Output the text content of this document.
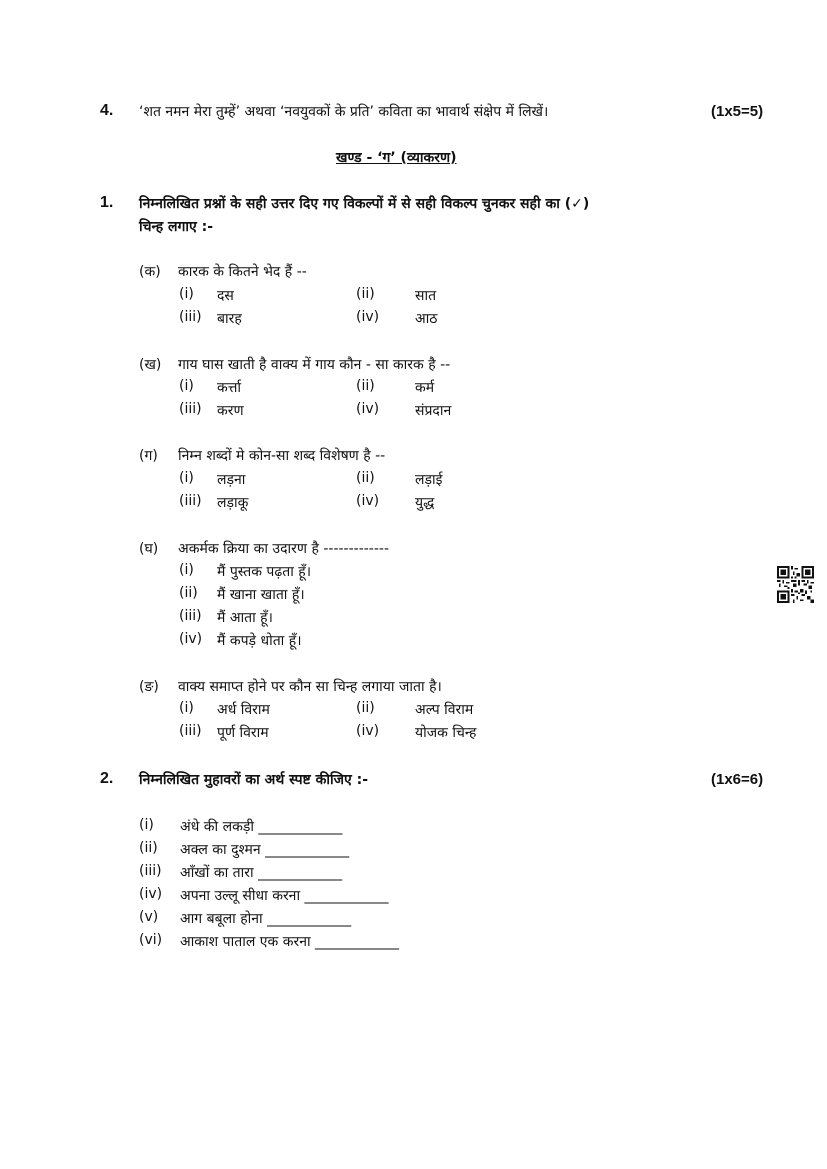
4. ‘शत नमन मेरा तुम्हें’ अथवा ‘नवयुवकों के प्रति’ कविता का भावार्थ संक्षेप में लिखें।	(1x5=5)
खण्ड - ‘ग’ (व्याकरण)
1. निम्नलिखित प्रश्नों के सही उत्तर दिए गए विकल्पों में से सही विकल्प चुनकर सही का (✓)
चिन्ह लगाए :-
(क) कारक के कितने भेद हैं --
(i) दस	(ii)	सात
(iii) बारह	(iv)	आठ
(ख) गाय घास खाती है वाक्य में गाय कौन - सा कारक है --
(i) कर्त्ता	(ii)	कर्म
(iii) करण	(iv)	संप्रदान
(ग) निम्न शब्दों मे कोन-सा शब्द विशेषण है --
(i) लड़ना	(ii)	लड़ाई
(iii) लड़ाकू	(iv)	युद्ध
(घ) अकर्मक क्रिया का उदारण है -------------
(i) मैं पुस्तक पढ़ता हूँ।
(ii) मैं खाना खाता हूँ।
(iii) मैं आता हूँ।
(iv) मैं कपड़े धोता हूँ।
(ङ) वाक्य समाप्त होने पर कौन सा चिन्ह लगाया जाता है।
(i) अर्ध विराम	(ii)	अल्प विराम
(iii) पूर्ण विराम	(iv)	योजक चिन्ह
2. निम्नलिखित मुहावरों का अर्थ स्पष्ट कीजिए :-	(1x6=6)
(i) अंधे की लकड़ी ____________
(ii) अक्ल का दुश्मन ____________
(iii) आँखों का तारा ____________
(iv) अपना उल्लू सीधा करना ____________
(v) आग बबूला होना ____________
(vi) आकाश पाताल एक करना ____________
